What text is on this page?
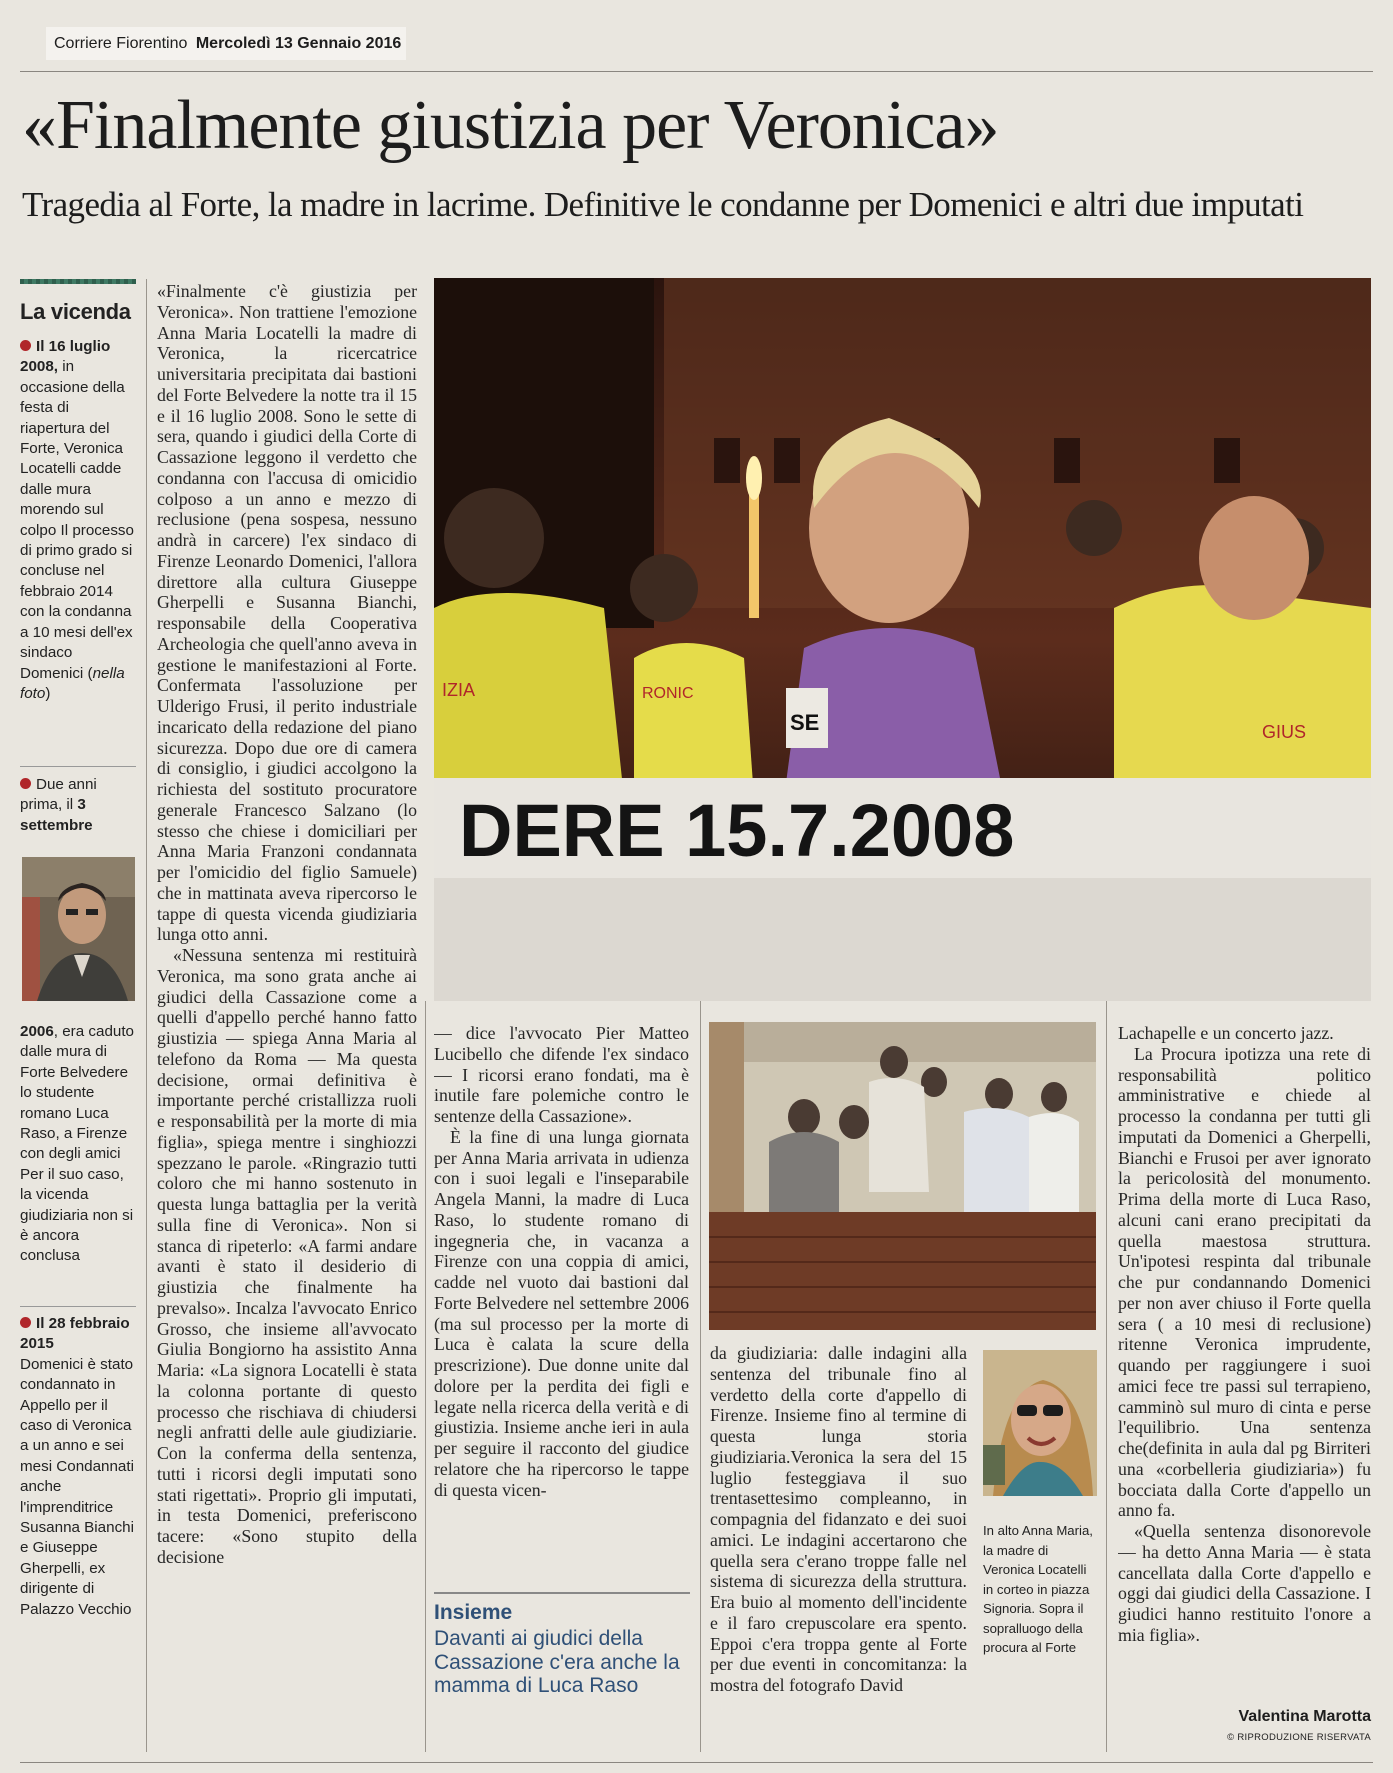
Corriere Fiorentino Mercoledì 13 Gennaio 2016
«Finalmente giustizia per Veronica»
Tragedia al Forte, la madre in lacrime. Definitive le condanne per Domenici e altri due imputati

La vicenda

Il 16 luglio 2008, in occasione della festa di riapertura del Forte, Veronica Locatelli cadde dalle mura morendo sul colpo Il processo di primo grado si concluse nel febbraio 2014 con la condanna a 10 mesi dell'ex sindaco Domenici (nella foto)

Due anni prima, il 3 settembre

2006, era caduto dalle mura di Forte Belvedere lo studente romano Luca Raso, a Firenze con degli amici Per il suo caso, la vicenda giudiziaria non si è ancora conclusa

Il 28 febbraio 2015

Domenici è stato condannato in Appello per il caso di Veronica a un anno e sei mesi Condannati anche l'imprenditrice Susanna Bianchi e Giuseppe Gherpelli, ex dirigente di Palazzo Vecchio

«Finalmente c'è giustizia per Veronica». Non trattiene l'emozione Anna Maria Locatelli la madre di Veronica, la ricercatrice universitaria precipitata dai bastioni del Forte Belvedere la notte tra il 15 e il 16 luglio 2008. Sono le sette di sera, quando i giudici della Corte di Cassazione leggono il verdetto che condanna con l'accusa di omicidio colposo a un anno e mezzo di reclusione (pena sospesa, nessuno andrà in carcere) l'ex sindaco di Firenze Leonardo Domenici, l'allora direttore alla cultura Giuseppe Gherpelli e Susanna Bianchi, responsabile della Cooperativa Archeologia che quell'anno aveva in gestione le manifestazioni al Forte. Confermata l'assoluzione per Ulderigo Frusi, il perito industriale incaricato della redazione del piano sicurezza. Dopo due ore di camera di consiglio, i giudici accolgono la richiesta del sostituto procuratore generale Francesco Salzano (lo stesso che chiese i domiciliari per Anna Maria Franzoni condannata per l'omicidio del figlio Samuele) che in mattinata aveva ripercorso le tappe di questa vicenda giudiziaria lunga otto anni.

«Nessuna sentenza mi restituirà Veronica, ma sono grata anche ai giudici della Cassazione come a quelli d'appello perché hanno fatto giustizia — spiega Anna Maria al telefono da Roma — Ma questa decisione, ormai definitiva è importante perché cristallizza ruoli e responsabilità per la morte di mia figlia», spiega mentre i singhiozzi spezzano le parole. «Ringrazio tutti coloro che mi hanno sostenuto in questa lunga battaglia per la verità sulla fine di Veronica». Non si stanca di ripeterlo: «A farmi andare avanti è stato il desiderio di giustizia che finalmente ha prevalso». Incalza l'avvocato Enrico Grosso, che insieme all'avvocato Giulia Bongiorno ha assistito Anna Maria: «La signora Locatelli è stata la colonna portante di questo processo che rischiava di chiudersi negli anfratti delle aule giudiziarie. Con la conferma della sentenza, tutti i ricorsi degli imputati sono stati rigettati». Proprio gli imputati, in testa Domenici, preferiscono tacere: «Sono stupito della decisione

DERE 15.7.2008
IZIA	RONIC
GIUS
SE

— dice l'avvocato Pier Matteo Lucibello che difende l'ex sindaco — I ricorsi erano fondati, ma è inutile fare polemiche contro le sentenze della Cassazione».

È la fine di una lunga giornata per Anna Maria arrivata in udienza con i suoi legali e l'inseparabile Angela Manni, la madre di Luca Raso, lo studente romano di ingegneria che, in vacanza a Firenze con una coppia di amici, cadde nel vuoto dai bastioni dal Forte Belvedere nel settembre 2006 (ma sul processo per la morte di Luca è calata la scure della prescrizione). Due donne unite dal dolore per la perdita dei figli e legate nella ricerca della verità e di giustizia. Insieme anche ieri in aula per seguire il racconto del giudice relatore che ha ripercorso le tappe di questa vicen-

Insieme
Davanti ai giudici della Cassazione c'era anche la mamma di Luca Raso

da giudiziaria: dalle indagini alla sentenza del tribunale fino al verdetto della corte d'appello di Firenze. Insieme fino al termine di questa lunga storia giudiziaria.Veronica la sera del 15 luglio festeggiava il suo trentasettesimo compleanno, in compagnia del fidanzato e dei suoi amici. Le indagini accertarono che quella sera c'erano troppe falle nel sistema di sicurezza della struttura. Era buio al momento dell'incidente e il faro crepuscolare era spento. Eppoi c'era troppa gente al Forte per due eventi in concomitanza: la mostra del fotografo David

In alto Anna Maria, la madre di Veronica Locatelli in corteo in piazza Signoria. Sopra il sopralluogo della procura al Forte

Lachapelle e un concerto jazz.

La Procura ipotizza una rete di responsabilità politico amministrative e chiede al processo la condanna per tutti gli imputati da Domenici a Gherpelli, Bianchi e Frusoi per aver ignorato la pericolosità del monumento. Prima della morte di Luca Raso, alcuni cani erano precipitati da quella maestosa struttura. Un'ipotesi respinta dal tribunale che pur condannando Domenici per non aver chiuso il Forte quella sera ( a 10 mesi di reclusione) ritenne Veronica imprudente, quando per raggiungere i suoi amici fece tre passi sul terrapieno, camminò sul muro di cinta e perse l'equilibrio. Una sentenza che(definita in aula dal pg Birriteri una «corbelleria giudiziaria») fu bocciata dalla Corte d'appello un anno fa.

«Quella sentenza disonorevole — ha detto Anna Maria — è stata cancellata dalla Corte d'appello e oggi dai giudici della Cassazione. I giudici hanno restituito l'onore a mia figlia».

Valentina Marotta
© RIPRODUZIONE RISERVATA
